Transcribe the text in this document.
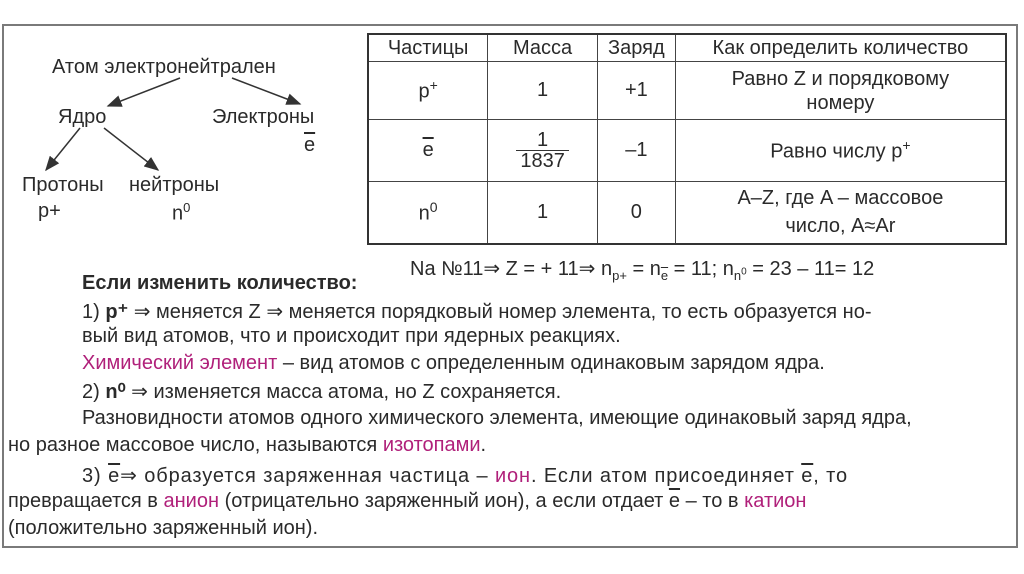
Атом электронейтрален
Ядро	Электроны
$\overline{e}$
Протоны нейтроны
p+	$n^0$
Частицы	Масса	Заряд	Как определить количество
p+	1	+1	Равно Z и порядковому
номеру
$\overline{e}$	$\frac{1}{1837}$	–1	Равно числу p+
$n^0$	1	0	A–Z, где A – массовое
число, A≈Ar
Na №11⇒ Z = + 11⇒ $n_{p+} = n_{\overline{e}} = 11$; $n_{n^0} = 23 - 11= 12$
Если изменить количество:
1) p⁺ ⇒ меняется Z ⇒ меняется порядковый номер элемента, то есть образуется но-
вый вид атомов, что и происходит при ядерных реакциях.
Химический элемент – вид атомов с определенным одинаковым зарядом ядра.
2) n⁰ ⇒ изменяется масса атома, но Z сохраняется.
Разновидности атомов одного химического элемента, имеющие одинаковый заряд ядра,
но разное массовое число, называются изотопами.
3) $\overline{e}\Rightarrow$ образуется заряженная частица – ион. Если атом присоединяет $\overline{e}$, то
превращается в анион (отрицательно заряженный ион), а если отдает $\overline{e}$ – то в катион
(положительно заряженный ион).
